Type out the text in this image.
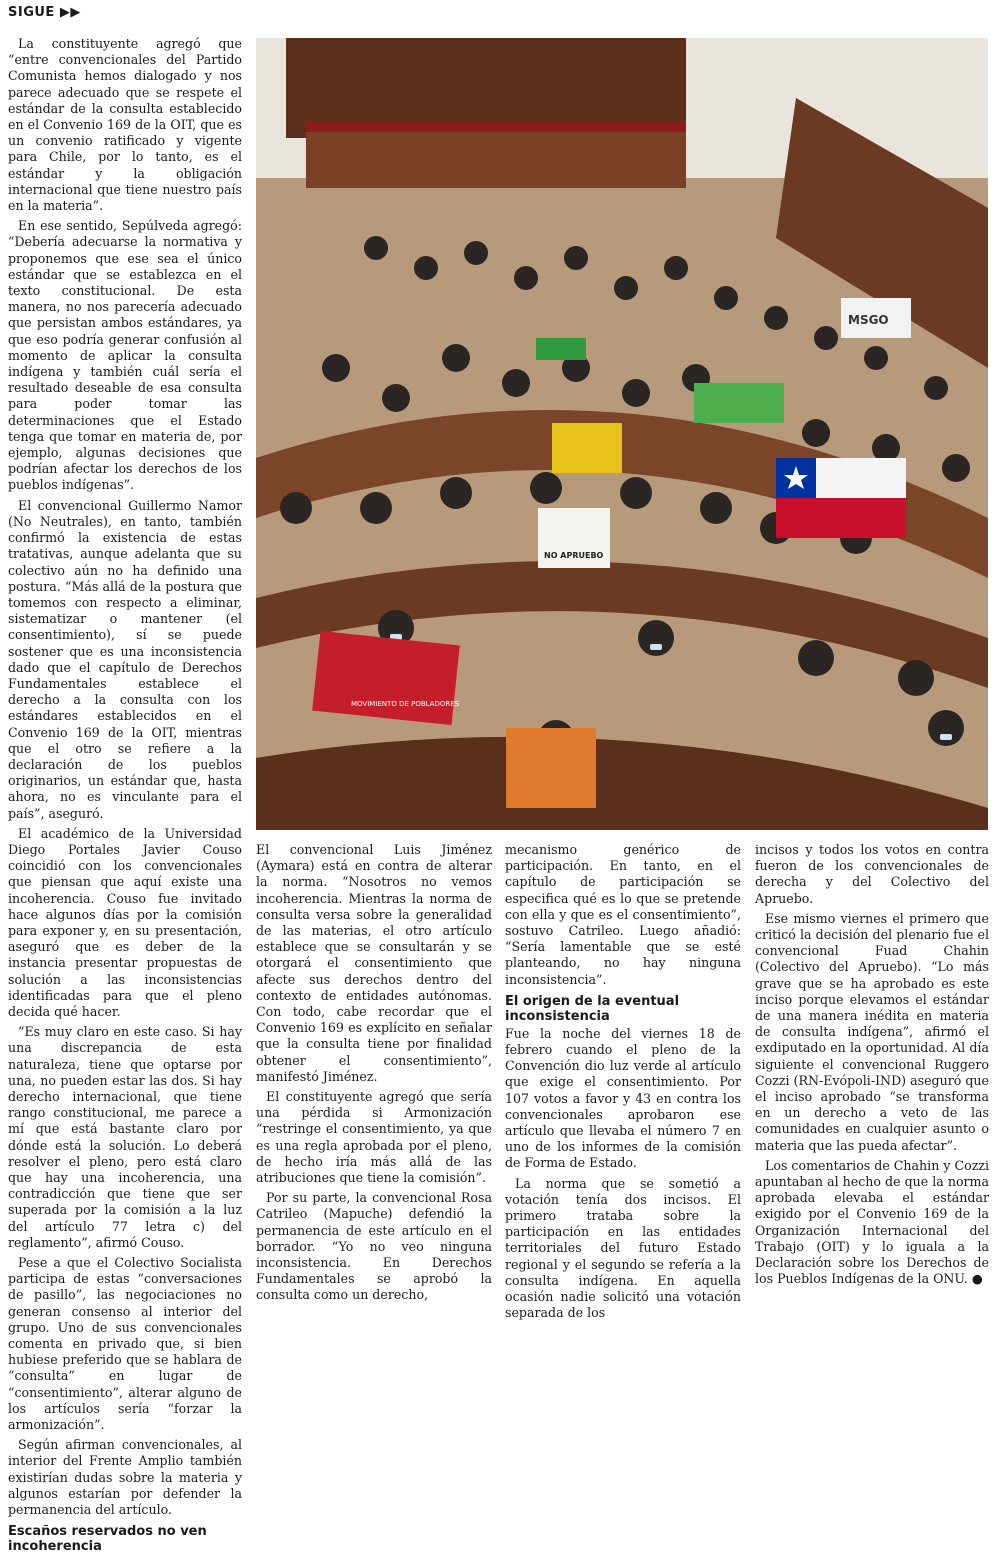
SIGUE ▶▶

La constituyente agregó que “entre convencionales del Partido Comunista hemos dialogado y nos parece adecuado que se respete el estándar de la consulta establecido en el Convenio 169 de la OIT, que es un convenio ratificado y vigente para Chile, por lo tanto, es el estándar y la obligación internacional que tiene nuestro país en la materia”.

En ese sentido, Sepúlveda agregó: “Debería adecuarse la normativa y proponemos que ese sea el único estándar que se establezca en el texto constitucional. De esta manera, no nos parecería adecuado que persistan ambos estándares, ya que eso podría generar confusión al momento de aplicar la consulta indígena y también cuál sería el resultado deseable de esa consulta para poder tomar las determinaciones que el Estado tenga que tomar en materia de, por ejemplo, algunas decisiones que podrían afectar los derechos de los pueblos indígenas”.

El convencional Guillermo Namor (No Neutrales), en tanto, también confirmó la existencia de estas tratativas, aunque adelanta que su colectivo aún no ha definido una postura. “Más allá de la postura que tomemos con respecto a eliminar, sistematizar o mantener (el consentimiento), sí se puede sostener que es una inconsistencia dado que el capítulo de Derechos Fundamentales establece el derecho a la consulta con los estándares establecidos en el Convenio 169 de la OIT, mientras que el otro se refiere a la declaración de los pueblos originarios, un estándar que, hasta ahora, no es vinculante para el país”, aseguró.

El académico de la Universidad Diego Portales Javier Couso coincidió con los convencionales que piensan que aquí existe una incoherencia. Couso fue invitado hace algunos días por la comisión para exponer y, en su presentación, aseguró que es deber de la instancia presentar propuestas de solución a las inconsistencias identificadas para que el pleno decida qué hacer.

“Es muy claro en este caso. Si hay una discrepancia de esta naturaleza, tiene que optarse por una, no pueden estar las dos. Si hay derecho internacional, que tiene rango constitucional, me parece a mí que está bastante claro por dónde está la solución. Lo deberá resolver el pleno, pero está claro que hay una incoherencia, una contradicción que tiene que ser superada por la comisión a la luz del artículo 77 letra c) del reglamento”, afirmó Couso.

Pese a que el Colectivo Socialista participa de estas “conversaciones de pasillo”, las negociaciones no generan consenso al interior del grupo. Uno de sus convencionales comenta en privado que, si bien hubiese preferido que se hablara de “consulta” en lugar de “consentimiento”, alterar alguno de los artículos sería “forzar la armonización”.

Según afirman convencionales, al interior del Frente Amplio también existirían dudas sobre la materia y algunos estarían por defender la permanencia del artículo.

Escaños reservados no ven incoherencia
MOVIMIENTO DE POBLADORES
MSGO
NO APRUEBO

El convencional Luis Jiménez (Aymara) está en contra de alterar la norma. “Nosotros no vemos incoherencia. Mientras la norma de consulta versa sobre la generalidad de las materias, el otro artículo establece que se consultarán y se otorgará el consentimiento que afecte sus derechos dentro del contexto de entidades autónomas. Con todo, cabe recordar que el Convenio 169 es explícito en señalar que la consulta tiene por finalidad obtener el consentimiento”, manifestó Jiménez.

El constituyente agregó que sería una pérdida si Armonización “restringe el consentimiento, ya que es una regla aprobada por el pleno, de hecho iría más allá de las atribuciones que tiene la comisión”.

Por su parte, la convencional Rosa Catrileo (Mapuche) defendió la permanencia de este artículo en el borrador. “Yo no veo ninguna inconsistencia. En Derechos Fundamentales se aprobó la consulta como un derecho,

mecanismo genérico de participación. En tanto, en el capítulo de participación se especifica qué es lo que se pretende con ella y que es el consentimiento”, sostuvo Catrileo. Luego añadió: “Sería lamentable que se esté planteando, no hay ninguna inconsistencia”.

El origen de la eventual inconsistencia

Fue la noche del viernes 18 de febrero cuando el pleno de la Convención dio luz verde al artículo que exige el consentimiento. Por 107 votos a favor y 43 en contra los convencionales aprobaron ese artículo que llevaba el número 7 en uno de los informes de la comisión de Forma de Estado.

La norma que se sometió a votación tenía dos incisos. El primero trataba sobre la participación en las entidades territoriales del futuro Estado regional y el segundo se refería a la consulta indígena. En aquella ocasión nadie solicitó una votación separada de los

incisos y todos los votos en contra fueron de los convencionales de derecha y del Colectivo del Apruebo.

Ese mismo viernes el primero que criticó la decisión del plenario fue el convencional Fuad Chahin (Colectivo del Apruebo). “Lo más grave que se ha aprobado es este inciso porque elevamos el estándar de una manera inédita en materia de consulta indígena”, afirmó el exdiputado en la oportunidad. Al día siguiente el convencional Ruggero Cozzi (RN-Evópoli-IND) aseguró que el inciso aprobado “se transforma en un derecho a veto de las comunidades en cualquier asunto o materia que las pueda afectar”.

Los comentarios de Chahin y Cozzi apuntaban al hecho de que la norma aprobada elevaba el estándar exigido por el Convenio 169 de la Organización Internacional del Trabajo (OIT) y lo iguala a la Declaración sobre los Derechos de los Pueblos Indígenas de la ONU. ●
